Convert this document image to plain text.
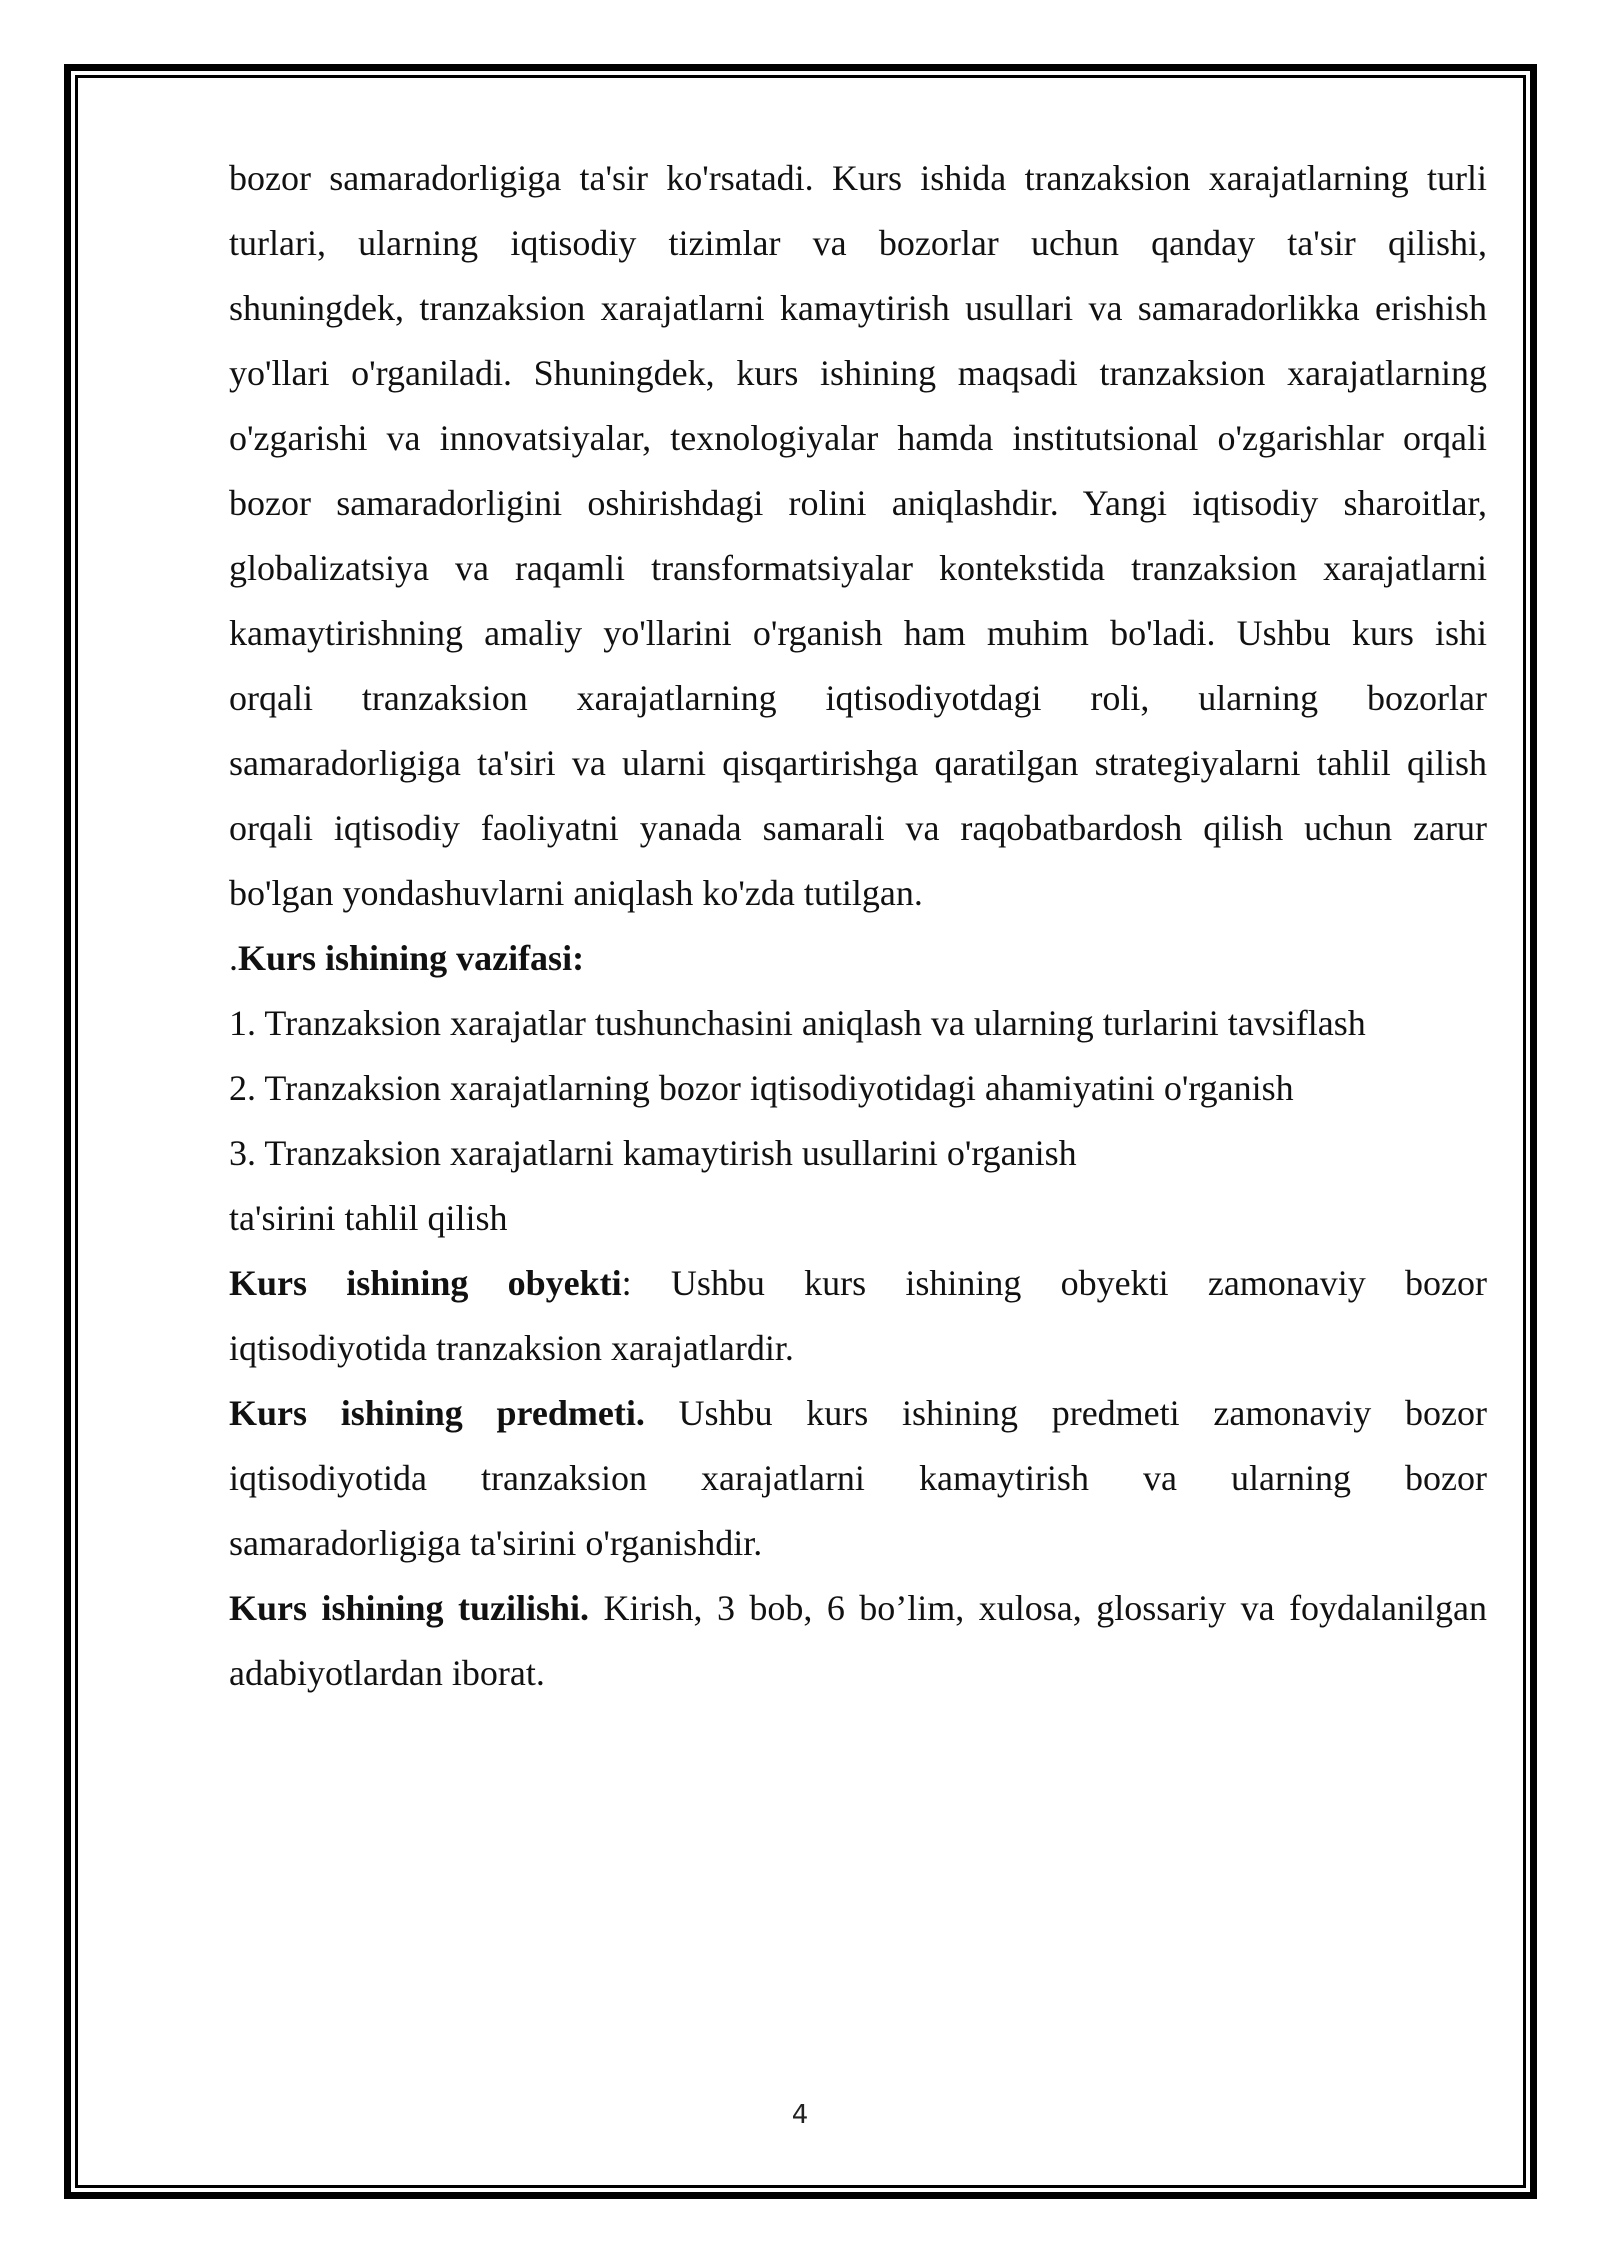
bozor samaradorligiga ta'sir ko'rsatadi. Kurs ishida tranzaksion xarajatlarning turli

turlari, ularning iqtisodiy tizimlar va bozorlar uchun qanday ta'sir qilishi,

shuningdek, tranzaksion xarajatlarni kamaytirish usullari va samaradorlikka erishish

yo'llari o'rganiladi. Shuningdek, kurs ishining maqsadi tranzaksion xarajatlarning

o'zgarishi va innovatsiyalar, texnologiyalar hamda institutsional o'zgarishlar orqali

bozor samaradorligini oshirishdagi rolini aniqlashdir. Yangi iqtisodiy sharoitlar,

globalizatsiya va raqamli transformatsiyalar kontekstida tranzaksion xarajatlarni

kamaytirishning amaliy yo'llarini o'rganish ham muhim bo'ladi. Ushbu kurs ishi

orqali tranzaksion xarajatlarning iqtisodiyotdagi roli, ularning bozorlar

samaradorligiga ta'siri va ularni qisqartirishga qaratilgan strategiyalarni tahlil qilish

orqali iqtisodiy faoliyatni yanada samarali va raqobatbardosh qilish uchun zarur

bo'lgan yondashuvlarni aniqlash ko'zda tutilgan.

.Kurs ishining vazifasi:

1. Tranzaksion xarajatlar tushunchasini aniqlash va ularning turlarini tavsiflash

2. Tranzaksion xarajatlarning bozor iqtisodiyotidagi ahamiyatini o'rganish

3. Tranzaksion xarajatlarni kamaytirish usullarini o'rganish

ta'sirini tahlil qilish

Kurs ishining obyekti: Ushbu kurs ishining obyekti zamonaviy bozor

iqtisodiyotida tranzaksion xarajatlardir.

Kurs ishining predmeti. Ushbu kurs ishining predmeti zamonaviy bozor

iqtisodiyotida tranzaksion xarajatlarni kamaytirish va ularning bozor

samaradorligiga ta'sirini o'rganishdir.

Kurs ishining tuzilishi. Kirish, 3 bob, 6 bo’lim, xulosa, glossariy va foydalanilgan

adabiyotlardan iborat.

4
